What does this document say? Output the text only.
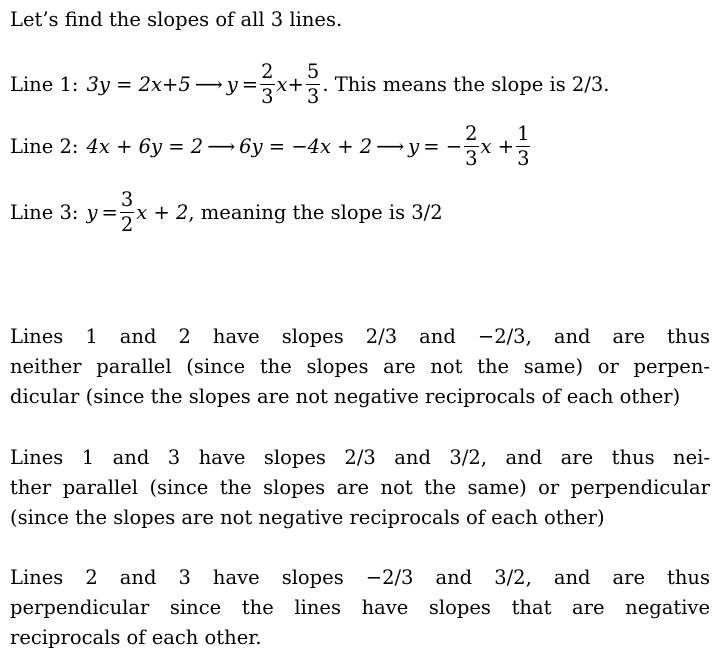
Let’s find the slopes of all 3 lines.
Line 1: 3y = 2x+5 ⟶ $y = \frac{2}{3} x+ \frac{5}{3}$ . This means the slope is 2/3.
Line 2: 4x + 6y = 2 ⟶ 6y = −4x + 2 ⟶ y = − $\frac{2}{3}$ $x + \frac{1}{3}$
Line 3: $y = \frac{3}{2}$ x + 2 , meaning the slope is 3/2
Lines 1 and 2 have slopes 2/3 and −2/3, and are thus
neither parallel (since the slopes are not the same) or perpen-
dicular (since the slopes are not negative reciprocals of each other)
Lines 1 and 3 have slopes 2/3 and 3/2, and are thus nei-
ther parallel (since the slopes are not the same) or perpendicular
(since the slopes are not negative reciprocals of each other)
Lines 2 and 3 have slopes −2/3 and 3/2, and are thus
perpendicular since the lines have slopes that are negative
reciprocals of each other.
